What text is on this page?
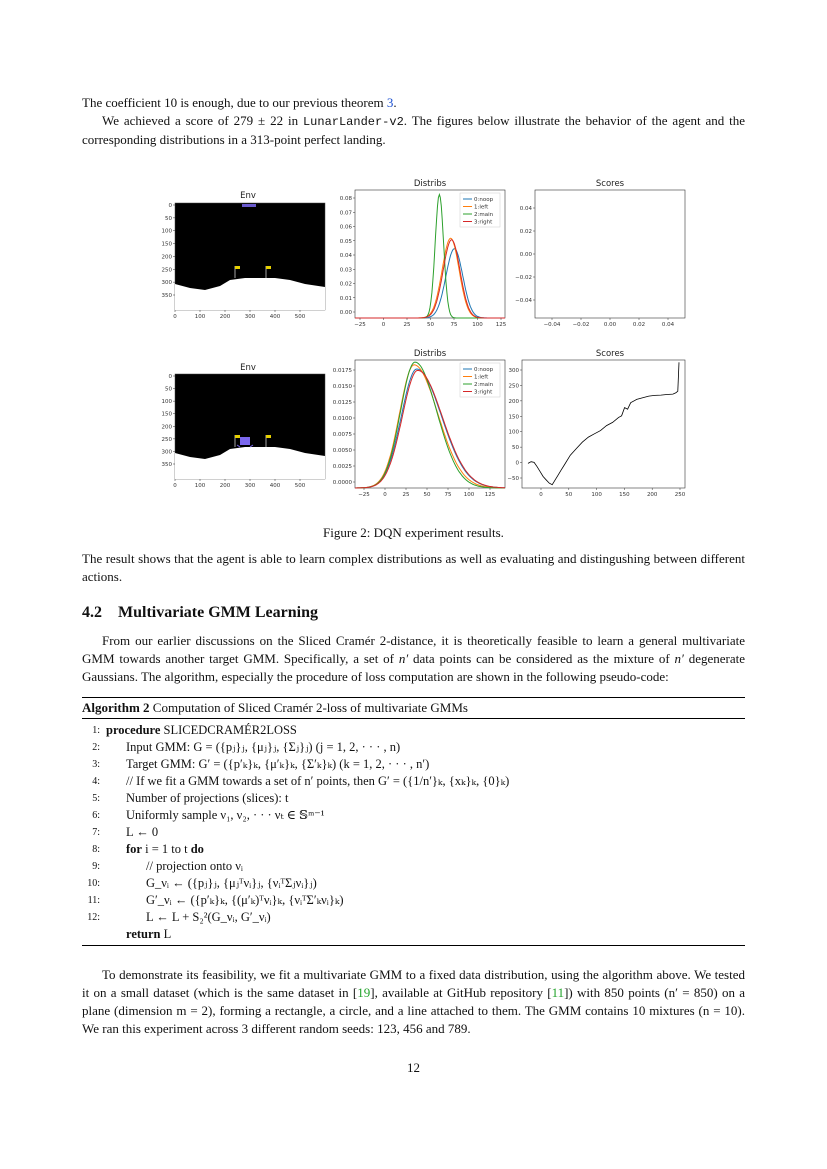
The coefficient 10 is enough, due to our previous theorem 3.
We achieved a score of 279 ± 22 in LunarLander-v2. The figures below illustrate the behavior of the agent and the corresponding distributions in a 313-point perfect landing.
Env
0
50
100
150
200
250
300
350
0	100	200	300	400	500
Distribs
0.08
0.07
0.06
0.05
0.04
0.03
0.02
0.01
0.00
−25	0	25	50	75	100 125
0:noop
1:left
2:main
3:right
Scores
0.04
0.02
0.00
−0.02
−0.04
−0.04 −0.02	0.00	0.02	0.04
Env
0
50
100
150
200
250
300
350
0	100	200	300	400	500
Distribs
0.0175
0.0150
0.0125
0.0100
0.0075
0.0050
0.0025
0.0000
−25 0	25	50	75 100 125
0:noop
1:left
2:main
3:right
Scores
300
250
200
150
100
50
0
−50
0	50	100	150	200	250
Figure 2: DQN experiment results.
The result shows that the agent is able to learn complex distributions as well as evaluating and distingushing between different actions.
4.2 Multivariate GMM Learning
From our earlier discussions on the Sliced Cramér 2-distance, it is theoretically feasible to learn a general multivariate GMM towards another target GMM. Specifically, a set of n′ data points can be considered as the mixture of n′ degenerate Gaussians. The algorithm, especially the procedure of loss computation are shown in the following pseudo-code:
Algorithm 2 Computation of Sliced Cramér 2-loss of multivariate GMMs
1: procedure SLICEDCRAMÉR2LOSS
2: Input GMM: G = ({pⱼ}ⱼ, {μⱼ}ⱼ, {Σⱼ}ⱼ) (j = 1, 2, · · · , n)
3: Target GMM: G′ = ({p′ₖ}ₖ, {μ′ₖ}ₖ, {Σ′ₖ}ₖ) (k = 1, 2, · · · , n′)
4: // If we fit a GMM towards a set of n′ points, then G′ = ({1/n′}ₖ, {xₖ}ₖ, {0}ₖ)
5: Number of projections (slices): t
6: Uniformly sample ν₁, ν₂, · · · νₜ ∈ 𝕊ᵐ⁻¹
7: L ← 0
8: for i = 1 to t do
9:	// projection onto νᵢ
10:	G_νᵢ ← ({pⱼ}ⱼ, {μⱼᵀνᵢ}ⱼ, {νᵢᵀΣⱼνᵢ}ⱼ)
11:	G′_νᵢ ← ({p′ₖ}ₖ, {(μ′ₖ)ᵀνᵢ}ₖ, {νᵢᵀΣ′ₖνᵢ}ₖ)
12:	L ← L + S₂²(G_νᵢ, G′_νᵢ)
return L
To demonstrate its feasibility, we fit a multivariate GMM to a fixed data distribution, using the algorithm above. We tested it on a small dataset (which is the same dataset in [19], available at GitHub repository [11]) with 850 points (n′ = 850) on a plane (dimension m = 2), forming a rectangle, a circle, and a line attached to them. The GMM contains 10 mixtures (n = 10). We ran this experiment across 3 different random seeds: 123, 456 and 789.
12
